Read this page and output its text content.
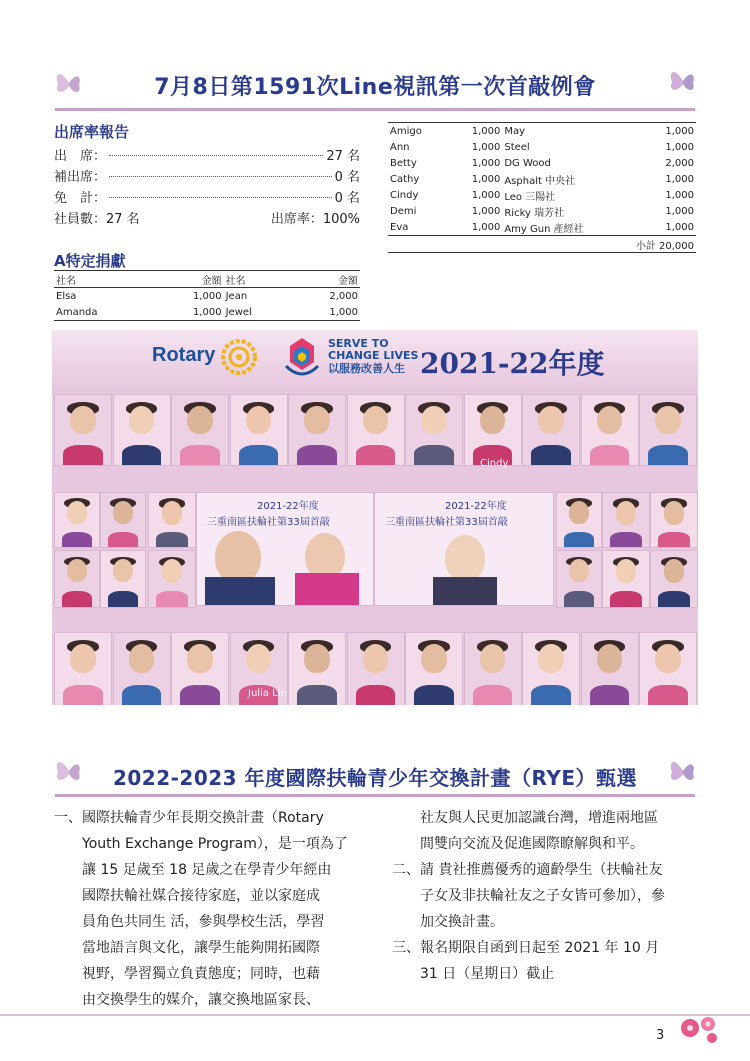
7月8日第1591次Line視訊第一次首敲例會
出席率報告
出　席：	27 名
補出席：	0 名
免　計：	0 名
社員數：27 名	出席率：100%
Amigo	1,000	May	1,000
Ann	1,000	Steel	1,000
Betty	1,000	DG Wood	2,000
Cathy	1,000	Asphalt 中央社	1,000
Cindy	1,000	Leo 三陽社	1,000
Demi	1,000	Ricky 瑞芳社	1,000
Eva	1,000	Amy Gun 產經社	1,000
小計 20,000			
A特定捐獻
社名	金額	社名	金額
Elsa	1,000	Jean	2,000
Amanda	1,000	Jewel	1,000
Rotary
SERVE TO
CHANGE LIVES
以服務改善人生 2021-22年度
2021-22年度
三重南區扶輪社第33屆首敲
2021-22年度
三重南區扶輪社第33屆首敲
Julia Lin
Cindy
2022-2023 年度國際扶輪青少年交換計畫（RYE）甄選
一、國際扶輪青少年長期交換計畫（Rotary
　　Youth Exchange Program），是一項為了
　　讓 15 足歲至 18 足歲之在學青少年經由
　　國際扶輪社媒合接待家庭，並以家庭成
　　員角色共同生 活，參與學校生活，學習
　　當地語言與文化，讓學生能夠開拓國際
　　視野，學習獨立負責態度；同時，也藉
　　由交換學生的媒介，讓交換地區家長、
　　社友與人民更加認識台灣，增進兩地區
　　間雙向交流及促進國際瞭解與和平。
二、請 貴社推薦優秀的適齡學生（扶輪社友
　　子女及非扶輪社友之子女皆可參加），參
　　加交換計畫。
三、報名期限自函到日起至 2021 年 10 月
　　31 日（星期日）截止
3
